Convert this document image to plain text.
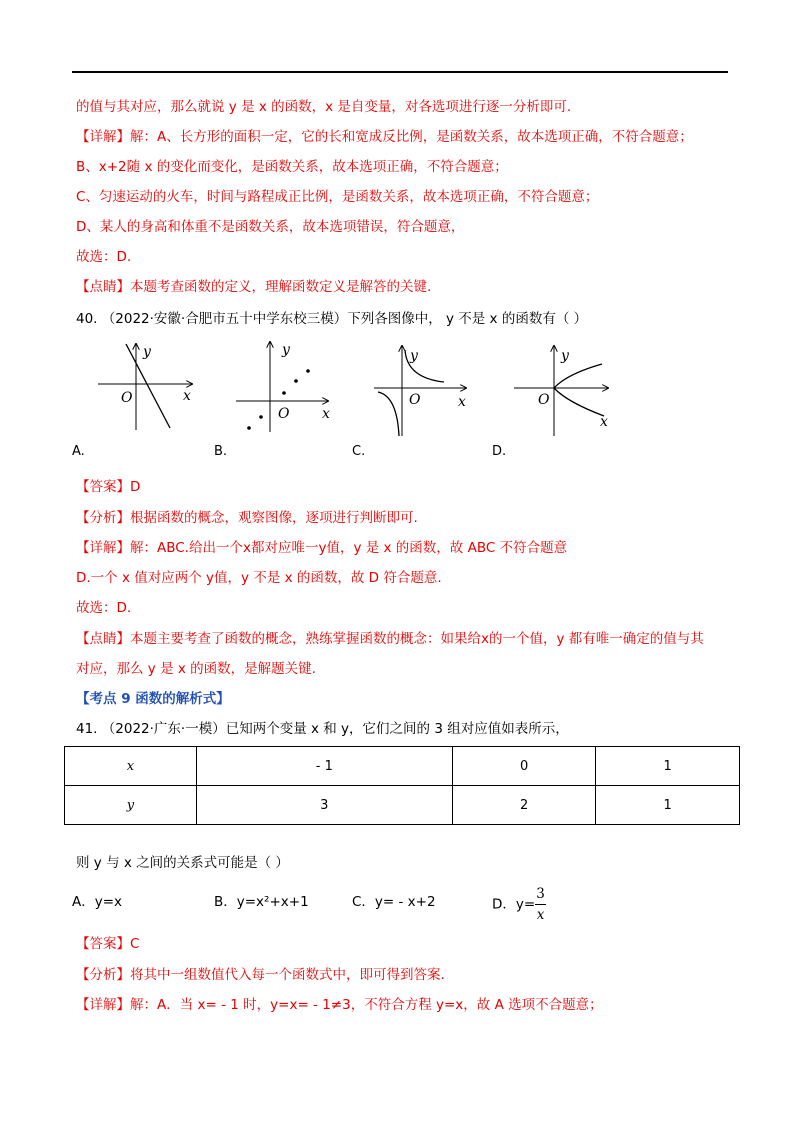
的值与其对应，那么就说 y 是 x 的函数，x 是自变量，对各选项进行逐一分析即可.
【详解】解：A、长方形的面积一定，它的长和宽成反比例，是函数关系，故本选项正确，不符合题意；
B、x+2随 x 的变化而变化，是函数关系，故本选项正确，不符合题意；
C、匀速运动的火车，时间与路程成正比例，是函数关系，故本选项正确，不符合题意；
D、某人的身高和体重不是函数关系，故本选项错误，符合题意，
故选：D.
【点睛】本题考查函数的定义，理解函数定义是解答的关键.
40. （2022·安徽·合肥市五十中学东校三模）下列各图像中， y 不是 x 的函数有（ ）
y
x
O
A.
y
x
O
B.
y
x
O
C.
y
x
O
D.
【答案】D
【分析】根据函数的概念，观察图像，逐项进行判断即可.
【详解】解：ABC.给出一个x都对应唯一y值，y 是 x 的函数，故 ABC 不符合题意
D.一个 x 值对应两个 y值，y 不是 x 的函数，故 D 符合题意.
故选：D.
【点睛】本题主要考查了函数的概念，熟练掌握函数的概念：如果给x的一个值，y 都有唯一确定的值与其
对应，那么 y 是 x 的函数，是解题关键.
【考点 9 函数的解析式】
41. （2022·广东·一模）已知两个变量 x 和 y，它们之间的 3 组对应值如表所示，
x	- 1	0	1
y	3	2	1
则 y 与 x 之间的关系式可能是（ ）
A．y=x	B．y=x²+x+1	C．y= - x+2	D．$y= \frac{3}{x}$
【答案】C
【分析】将其中一组数值代入每一个函数式中，即可得到答案.
【详解】解：A．当 x= - 1 时，y=x= - 1≠3，不符合方程 y=x，故 A 选项不合题意；
